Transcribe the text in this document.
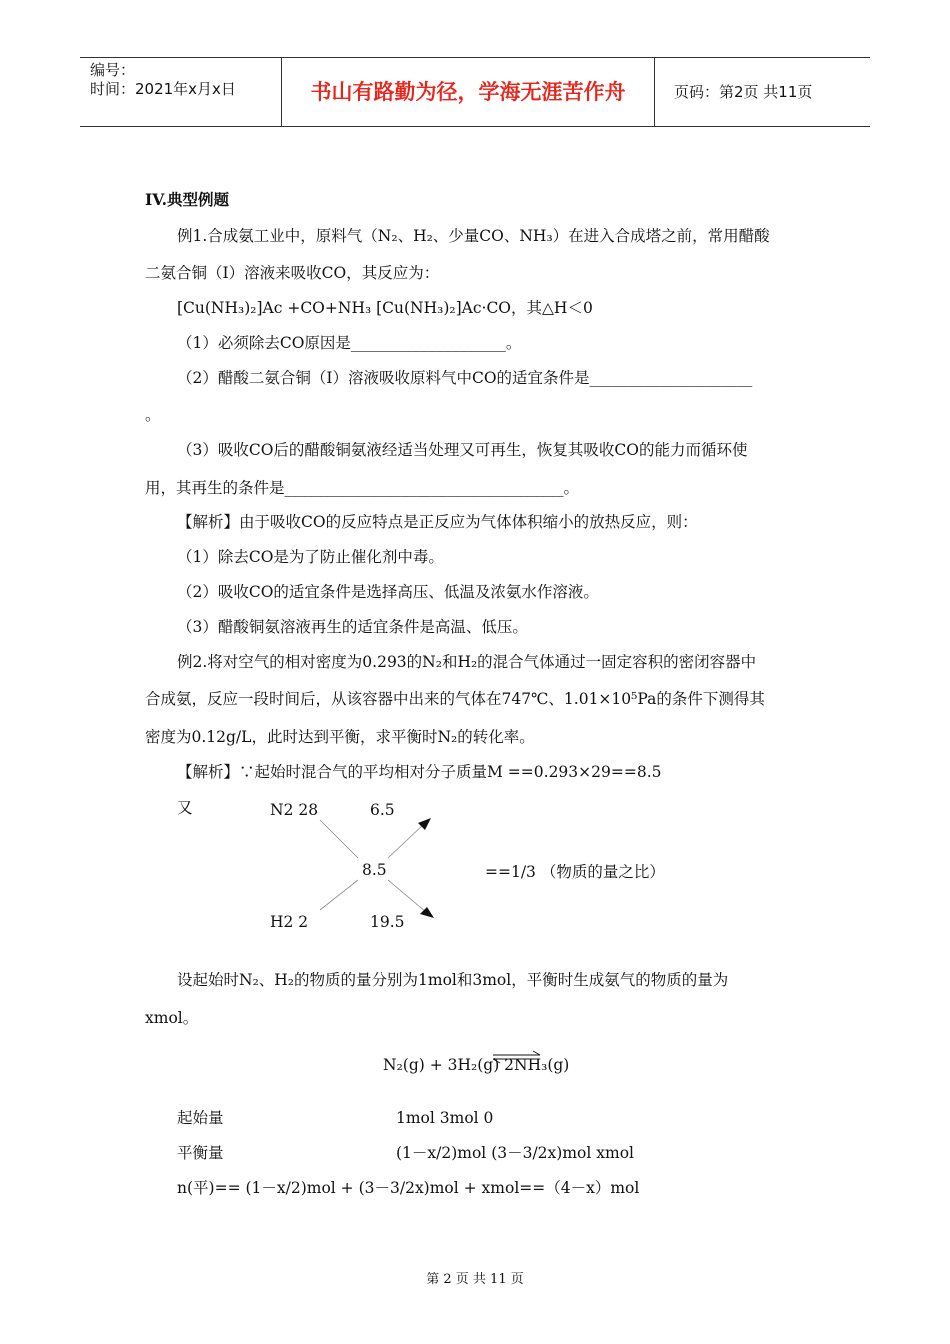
编号：
时间：2021年x月x日	书山有路勤为径，学海无涯苦作舟	页码：第2页 共11页
IV.典型例题
例1.合成氨工业中，原料气（N₂、H₂、少量CO、NH₃）在进入合成塔之前，常用醋酸
二氨合铜（Ⅰ）溶液来吸收CO，其反应为：
[Cu(NH₃)₂]Ac +CO+NH₃ [Cu(NH₃)₂]Ac·CO，其△H＜0
（1）必须除去CO原因是____________________。
（2）醋酸二氨合铜（Ⅰ）溶液吸收原料气中CO的适宜条件是_____________________
。
（3）吸收CO后的醋酸铜氨液经适当处理又可再生，恢复其吸收CO的能力而循环使
用，其再生的条件是____________________________________。
【解析】由于吸收CO的反应特点是正反应为气体体积缩小的放热反应，则：
（1）除去CO是为了防止催化剂中毒。
（2）吸收CO的适宜条件是选择高压、低温及浓氨水作溶液。
（3）醋酸铜氨溶液再生的适宜条件是高温、低压。
例2.将对空气的相对密度为0.293的N₂和H₂的混合气体通过一固定容积的密闭容器中
合成氨，反应一段时间后，从该容器中出来的气体在747℃、1.01×10⁵Pa的条件下测得其
密度为0.12g/L，此时达到平衡，求平衡时N₂的转化率。
【解析】∵起始时混合气的平均相对分子质量M ==0.293×29==8.5
又	N2 28	6.5
8.5	==1/3 （物质的量之比）
H2 2	19.5
设起始时N₂、H₂的物质的量分别为1mol和3mol，平衡时生成氨气的物质的量为
xmol。
N₂(g) + 3H₂(g) 2NH₃(g)
起始量	1mol 3mol 0
平衡量	(1－x/2)mol (3－3/2x)mol xmol
n(平)== (1－x/2)mol + (3－3/2x)mol + xmol==（4－x）mol
第 2 页 共 11 页
